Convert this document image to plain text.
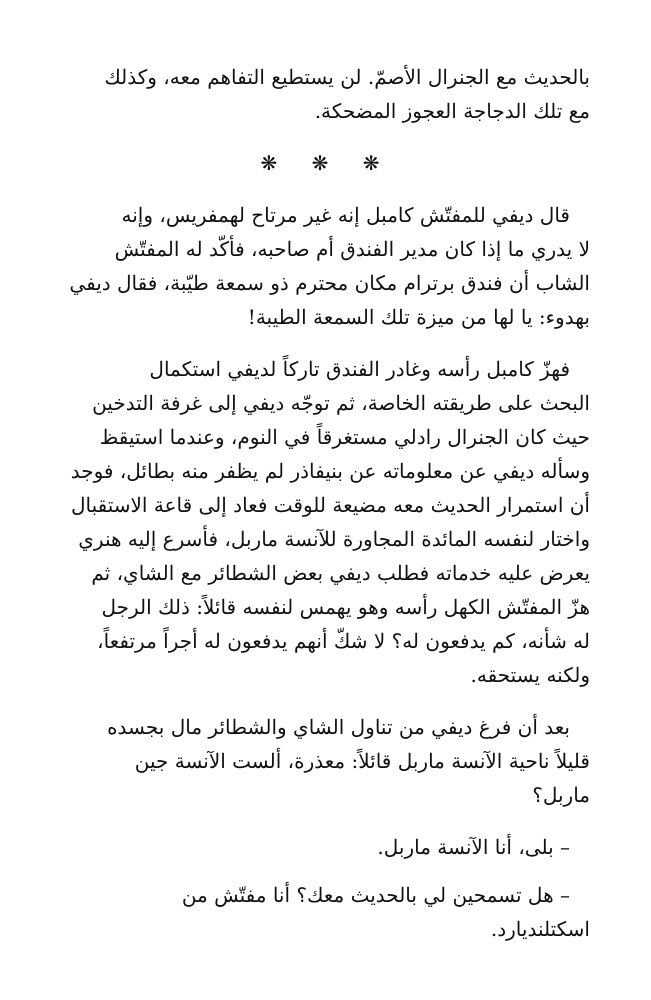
بالحديث مع الجنرال الأصمّ. لن يستطيع التفاهم معه، وكذلك
مع تلك الدجاجة العجوز المضحكة.

❋ ❋ ❋

قال ديفي للمفتّش كامبل إنه غير مرتاح لهمفريس، وإنه
لا يدري ما إذا كان مدير الفندق أم صاحبه، فأكّد له المفتّش
الشاب أن فندق برترام مكان محترم ذو سمعة طيّبة، فقال ديفي
بهدوء: يا لها من ميزة تلك السمعة الطيبة!

فهزّ كامبل رأسه وغادر الفندق تاركاً لديفي استكمال
البحث على طريقته الخاصة، ثم توجّه ديفي إلى غرفة التدخين
حيث كان الجنرال رادلي مستغرقاً في النوم، وعندما استيقظ
وسأله ديفي عن معلوماته عن بنيفاذر لم يظفر منه بطائل، فوجد
أن استمرار الحديث معه مضيعة للوقت فعاد إلى قاعة الاستقبال
واختار لنفسه المائدة المجاورة للآنسة ماربل، فأسرع إليه هنري
يعرض عليه خدماته فطلب ديفي بعض الشطائر مع الشاي، ثم
هزّ المفتّش الكهل رأسه وهو يهمس لنفسه قائلاً: ذلك الرجل
له شأنه، كم يدفعون له؟ لا شكّ أنهم يدفعون له أجراً مرتفعاً،
ولكنه يستحقه.

بعد أن فرغ ديفي من تناول الشاي والشطائر مال بجسده
قليلاً ناحية الآنسة ماربل قائلاً: معذرة، ألست الآنسة جين
ماربل؟

– بلى، أنا الآنسة ماربل.

– هل تسمحين لي بالحديث معك؟ أنا مفتّش من
اسكتلنديارد.
